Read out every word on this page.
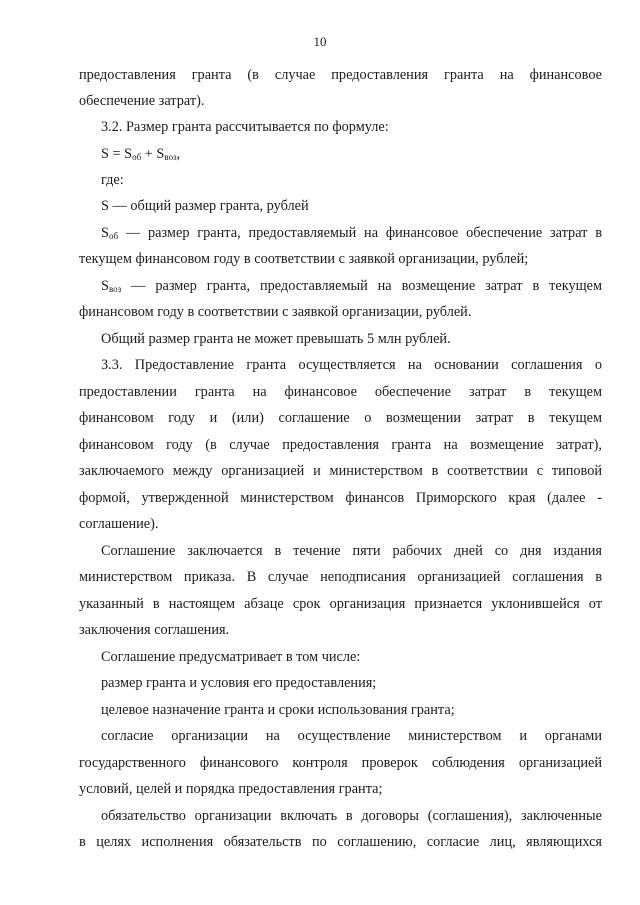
10
предоставления гранта (в случае предоставления гранта на финансовое
обеспечение затрат).
3.2. Размер гранта рассчитывается по формуле:
$S = S_{об} + S_{воз}$,
где:
S — общий размер гранта, рублей
$S_{об}$ — размер гранта, предоставляемый на финансовое обеспечение затрат в
текущем финансовом году в соответствии с заявкой организации, рублей;
$S_{воз}$ — размер гранта, предоставляемый на возмещение затрат в текущем
финансовом году в соответствии с заявкой организации, рублей.
Общий размер гранта не может превышать 5 млн рублей.
3.3. Предоставление гранта осуществляется на основании соглашения о
предоставлении гранта на финансовое обеспечение затрат в текущем
финансовом году и (или) соглашение о возмещении затрат в текущем
финансовом году (в случае предоставления гранта на возмещение затрат),
заключаемого между организацией и министерством в соответствии с типовой
формой, утвержденной министерством финансов Приморского края (далее -
соглашение).
Соглашение заключается в течение пяти рабочих дней со дня издания
министерством приказа. В случае неподписания организацией соглашения в
указанный в настоящем абзаце срок организация признается уклонившейся от
заключения соглашения.
Соглашение предусматривает в том числе:
размер гранта и условия его предоставления;
целевое назначение гранта и сроки использования гранта;
согласие организации на осуществление министерством и органами
государственного финансового контроля проверок соблюдения организацией
условий, целей и порядка предоставления гранта;
обязательство организации включать в договоры (соглашения), заключенные
в целях исполнения обязательств по соглашению, согласие лиц, являющихся
